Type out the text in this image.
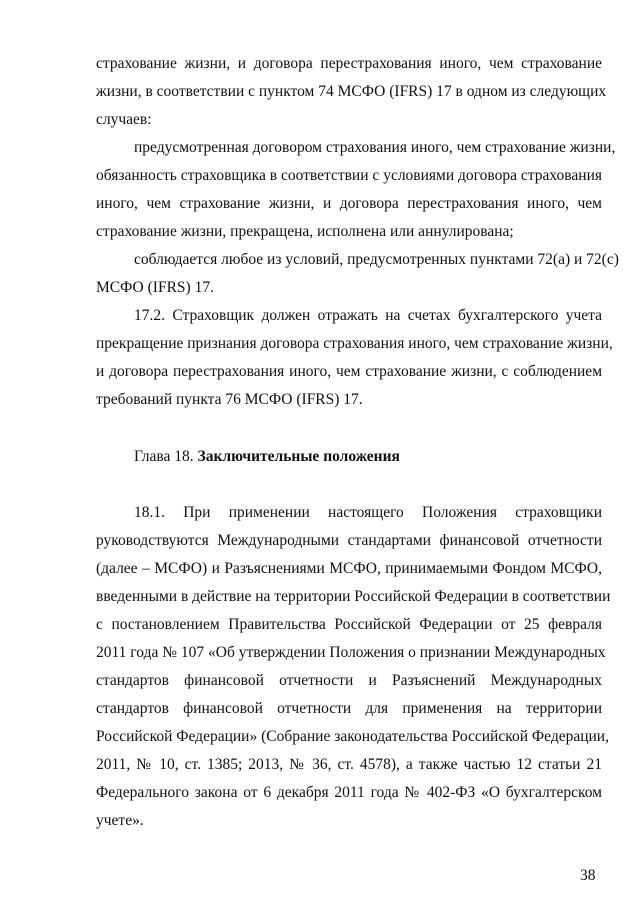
страхование жизни, и договора перестрахования иного, чем страхование
жизни, в соответствии с пунктом 74 МСФО (IFRS) 17 в одном из следующих
случаев:
предусмотренная договором страхования иного, чем страхование жизни,
обязанность страховщика в соответствии с условиями договора страхования
иного, чем страхование жизни, и договора перестрахования иного, чем
страхование жизни, прекращена, исполнена или аннулирована;
соблюдается любое из условий, предусмотренных пунктами 72(a) и 72(c)
МСФО (IFRS) 17.
17.2. Страховщик должен отражать на счетах бухгалтерского учета
прекращение признания договора страхования иного, чем страхование жизни,
и договора перестрахования иного, чем страхование жизни, с соблюдением
требований пункта 76 МСФО (IFRS) 17.
Глава 18. Заключительные положения
18.1. При применении настоящего Положения страховщики
руководствуются Международными стандартами финансовой отчетности
(далее – МСФО) и Разъяснениями МСФО, принимаемыми Фондом МСФО,
введенными в действие на территории Российской Федерации в соответствии
с постановлением Правительства Российской Федерации от 25 февраля
2011 года № 107 «Об утверждении Положения о признании Международных
стандартов финансовой отчетности и Разъяснений Международных
стандартов финансовой отчетности для применения на территории
Российской Федерации» (Собрание законодательства Российской Федерации,
2011, № 10, ст. 1385; 2013, № 36, ст. 4578), а также частью 12 статьи 21
Федерального закона от 6 декабря 2011 года № 402-ФЗ «О бухгалтерском
учете».
38
